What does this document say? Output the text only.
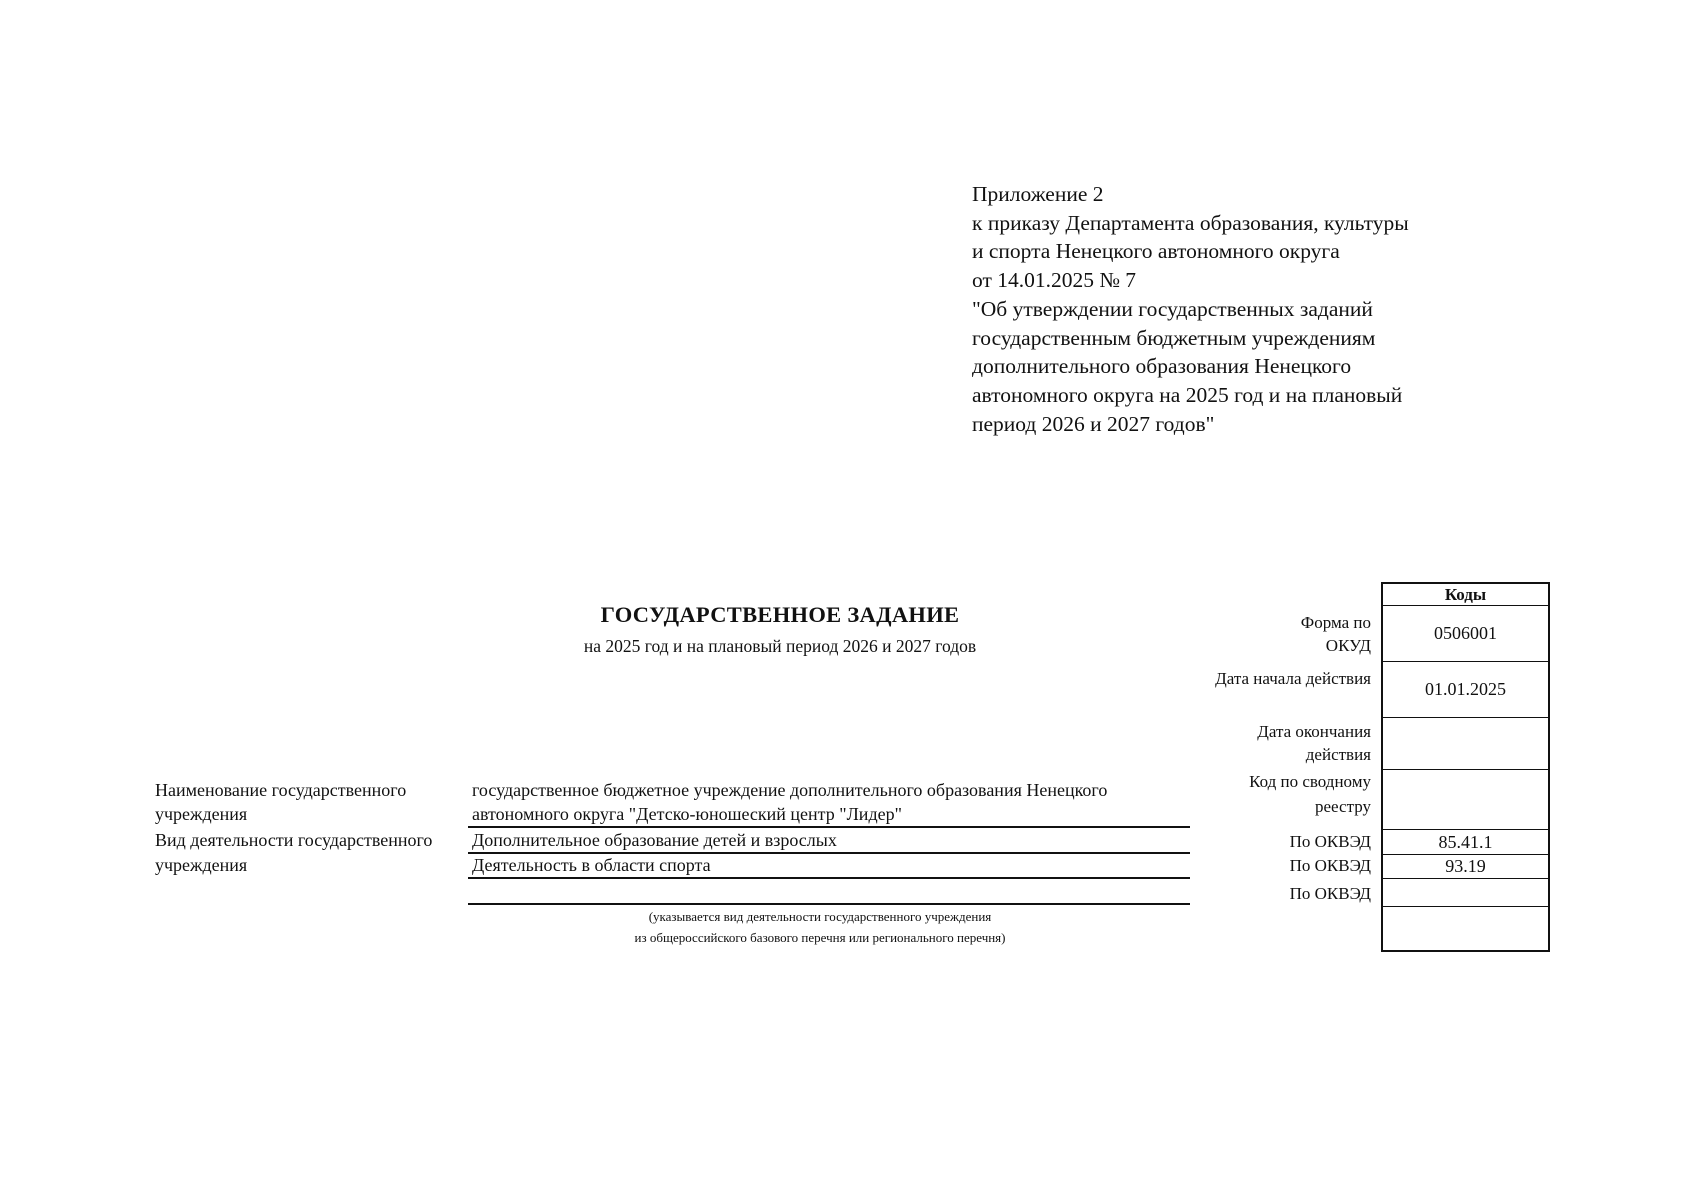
Приложение 2
к приказу Департамента образования, культуры
и спорта Ненецкого автономного округа
от 14.01.2025 № 7
"Об утверждении государственных заданий
государственным бюджетным учреждениям
дополнительного образования Ненецкого
автономного округа на 2025 год и на плановый
период 2026 и 2027 годов"
ГОСУДАРСТВЕННОЕ ЗАДАНИЕ
на 2025 год и на плановый период 2026 и 2027 годов
Наименование государственного
учреждения
государственное бюджетное учреждение дополнительного образования Ненецкого
автономного округа "Детско-юношеский центр "Лидер"
Вид деятельности государственного
учреждения
Дополнительное образование детей и взрослых
Деятельность в области спорта
(указывается вид деятельности государственного учреждения
из общероссийского базового перечня или регионального перечня)
Форма по
ОКУД
Дата начала действия
Дата окончания
действия
Код по сводному
реестру
По ОКВЭД
По ОКВЭД
По ОКВЭД
Коды
0506001
01.01.2025
85.41.1
93.19
